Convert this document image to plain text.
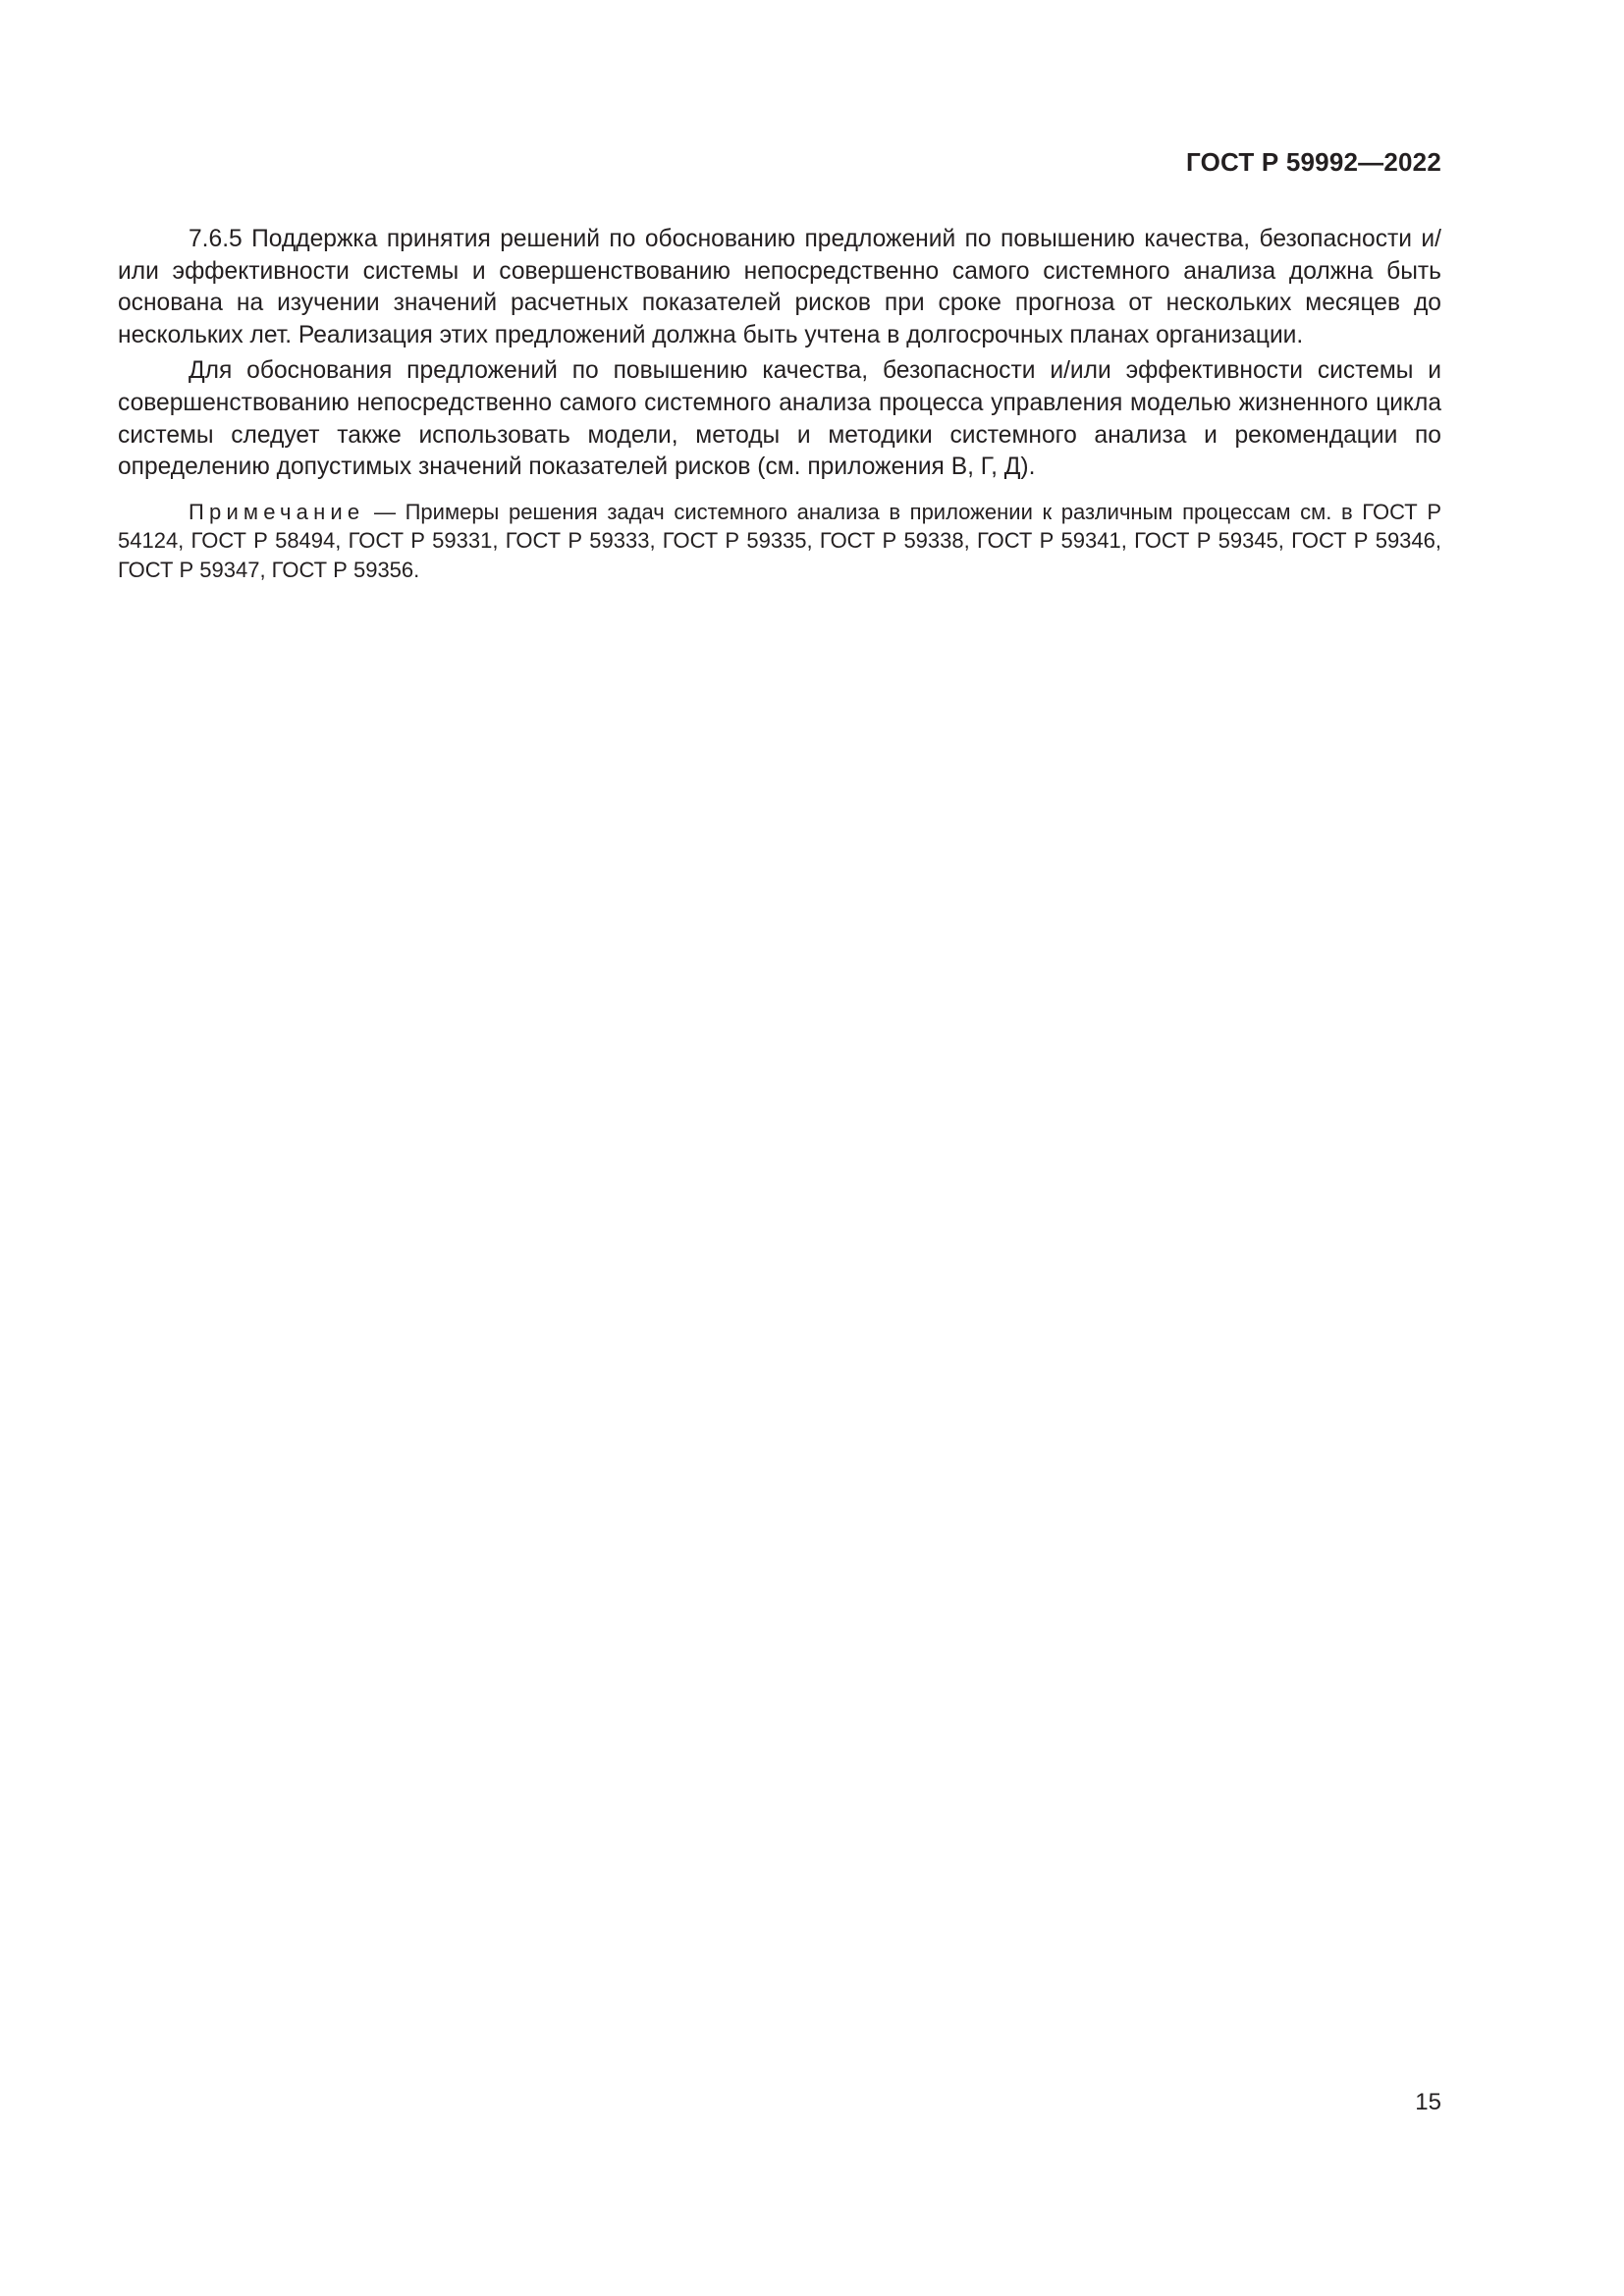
ГОСТ Р 59992—2022

7.6.5 Поддержка принятия решений по обоснованию предложений по повышению качества, безопасности и/или эффективности системы и совершенствованию непосредственно самого системного анализа должна быть основана на изучении значений расчетных показателей рисков при сроке прогноза от нескольких месяцев до нескольких лет. Реализация этих предложений должна быть учтена в долгосрочных планах организации.

Для обоснования предложений по повышению качества, безопасности и/или эффективности системы и совершенствованию непосредственно самого системного анализа процесса управления моделью жизненного цикла системы следует также использовать модели, методы и методики системного анализа и рекомендации по определению допустимых значений показателей рисков (см. приложения В, Г, Д).

Примечание — Примеры решения задач системного анализа в приложении к различным процессам см. в ГОСТ Р 54124, ГОСТ Р 58494, ГОСТ Р 59331, ГОСТ Р 59333, ГОСТ Р 59335, ГОСТ Р 59338, ГОСТ Р 59341, ГОСТ Р 59345, ГОСТ Р 59346, ГОСТ Р 59347, ГОСТ Р 59356.

15
